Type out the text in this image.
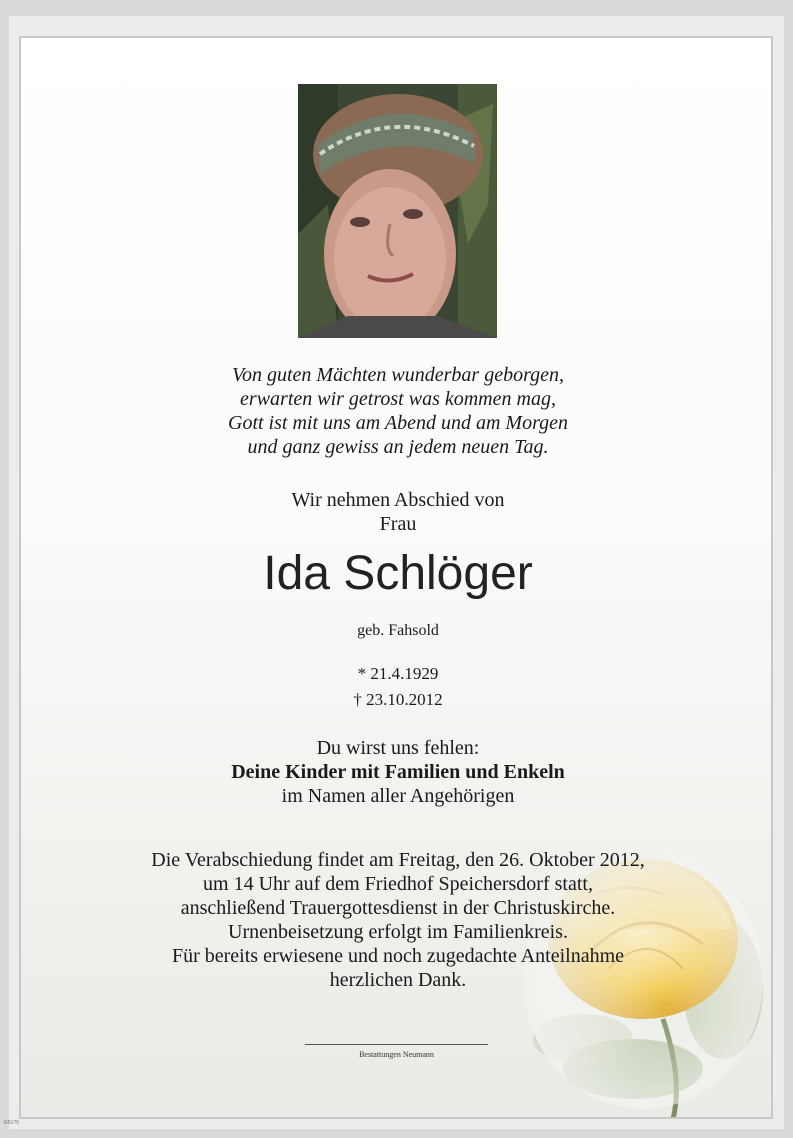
Von guten Mächten wunderbar geborgen,
erwarten wir getrost was kommen mag,
Gott ist mit uns am Abend und am Morgen
und ganz gewiss an jedem neuen Tag.
Wir nehmen Abschied von
Frau
Ida Schlöger
geb. Fahsold
* 21.4.1929
† 23.10.2012
Du wirst uns fehlen:
Deine Kinder mit Familien und Enkeln
im Namen aller Angehörigen
Die Verabschiedung findet am Freitag, den 26. Oktober 2012,
um 14 Uhr auf dem Friedhof Speichersdorf statt,
anschließend Trauergottesdienst in der Christuskirche.
Urnenbeisetzung erfolgt im Familienkreis.
Für bereits erwiesene und noch zugedachte Anteilnahme
herzlichen Dank.
Bestattungen Neumann
EB175
